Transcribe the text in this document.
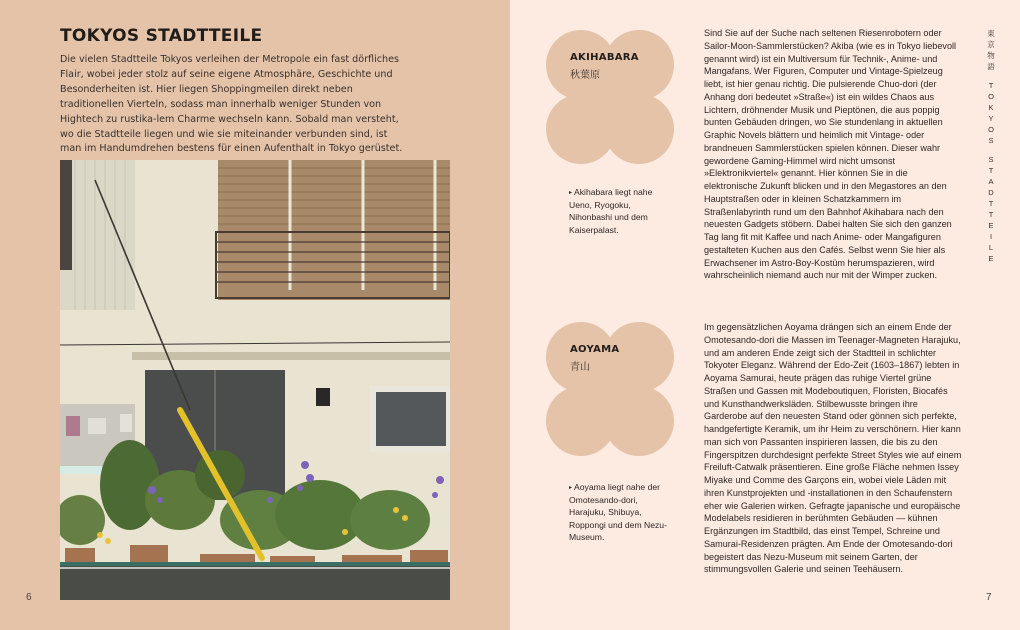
TOKYOS STADTTEILE

Die vielen Stadtteile Tokyos verleihen der Metropole ein fast dörfliches Flair, wobei jeder stolz auf seine eigene Atmosphäre, Geschichte und Besonderheiten ist. Hier liegen Shoppingmeilen direkt neben traditionellen Vierteln, sodass man innerhalb weniger Stunden von Hightech zu rustika-lem Charme wechseln kann. Sobald man versteht, wo die Stadtteile liegen und wie sie miteinander verbunden sind, ist man im Handumdrehen bestens für einen Aufenthalt in Tokyo gerüstet.

6
AKIHABARA
秋葉原
▸ Akihabara liegt nahe Ueno, Ryogoku, Nihonbashi und dem Kaiserpalast.

Sind Sie auf der Suche nach seltenen Riesenrobotern oder Sailor-Moon-Sammlerstücken? Akiba (wie es in Tokyo liebevoll genannt wird) ist ein Multiversum für Technik-, Anime- und Mangafans. Wer Figuren, Computer und Vintage-Spielzeug liebt, ist hier genau richtig. Die pulsierende Chuo-dori (der Anhang dori bedeutet »Straße«) ist ein wildes Chaos aus Lichtern, dröhnender Musik und Pieptönen, die aus poppig bunten Gebäuden dringen, wo Sie stundenlang in aktuellen Graphic Novels blättern und heimlich mit Vintage- oder brandneuen Sammlerstücken spielen können. Dieser wahr gewordene Gaming-Himmel wird nicht umsonst »Elektronikviertel« genannt. Hier können Sie in die elektronische Zukunft blicken und in den Megastores an den Hauptstraßen oder in kleinen Schatzkammern im Straßenlabyrinth rund um den Bahnhof Akihabara nach den neuesten Gadgets stöbern. Dabei halten Sie sich den ganzen Tag lang fit mit Kaffee und nach Anime- oder Mangafiguren gestalteten Kuchen aus den Cafés. Selbst wenn Sie hier als Erwachsener im Astro-Boy-Kostüm herumspazieren, wird wahrscheinlich niemand auch nur mit der Wimper zucken.

AOYAMA
青山
▸ Aoyama liegt nahe der Omotesando-dori, Harajuku, Shibuya, Roppongi und dem Nezu-Museum.

Im gegensätzlichen Aoyama drängen sich an einem Ende der Omotesando-dori die Massen im Teenager-Magneten Harajuku, und am anderen Ende zeigt sich der Stadtteil in schlichter Tokyoter Eleganz. Während der Edo-Zeit (1603–1867) lebten in Aoyama Samurai, heute prägen das ruhige Viertel grüne Straßen und Gassen mit Modeboutiquen, Floristen, Biocafés und Kunsthandwerksläden. Stilbewusste bringen ihre Garderobe auf den neuesten Stand oder gönnen sich perfekte, handgefertigte Keramik, um ihr Heim zu verschönern. Hier kann man sich von Passanten inspirieren lassen, die bis zu den Fingerspitzen durchdesignt perfekte Street Styles wie auf einem Freiluft-Catwalk präsentieren. Eine große Fläche nehmen Issey Miyake und Comme des Garçons ein, wobei viele Läden mit ihren Kunstprojekten und -installationen in den Schaufenstern eher wie Galerien wirken. Gefragte japanische und europäische Modelabels residieren in berühmten Gebäuden — kühnen Ergänzungen im Stadtbild, das einst Tempel, Schreine und Samurai-Residenzen prägten. Am Ende der Omotesando-dori begeistert das Nezu-Museum mit seinem Garten, der stimmungsvollen Galerie und seinen Teehäusern.

東
京
物
語
T
O
K
Y
O
S
S
T
A
D
T
T
E
I
L
E
7
